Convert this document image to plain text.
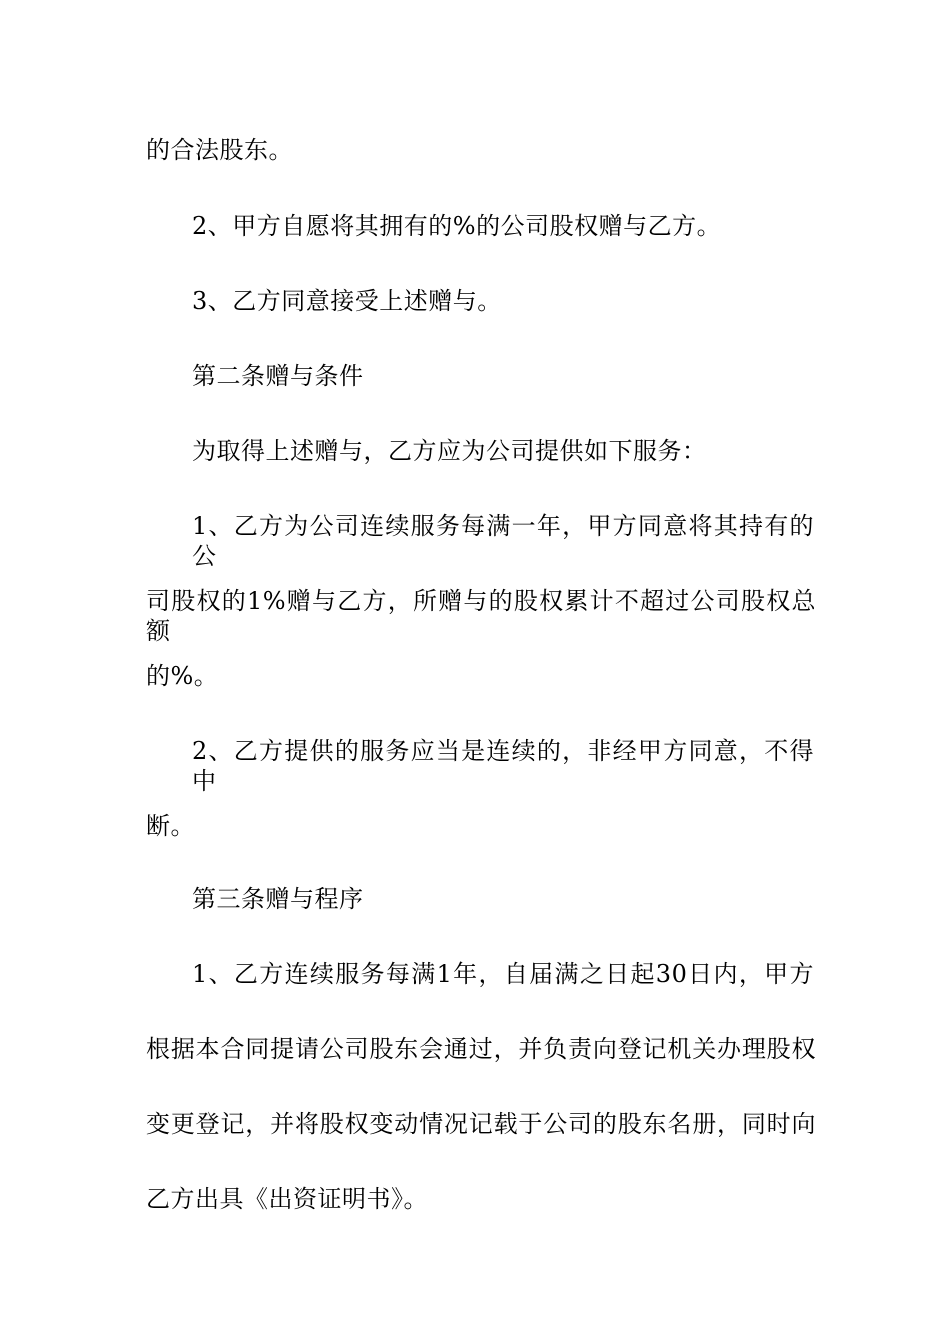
的合法股东。
2、甲方自愿将其拥有的%的公司股权赠与乙方。
3、乙方同意接受上述赠与。
第二条赠与条件
为取得上述赠与，乙方应为公司提供如下服务：
1、乙方为公司连续服务每满一年，甲方同意将其持有的公
司股权的1%赠与乙方，所赠与的股权累计不超过公司股权总额
的%。
2、乙方提供的服务应当是连续的，非经甲方同意，不得中
断。
第三条赠与程序
1、乙方连续服务每满1年，自届满之日起30日内，甲方
根据本合同提请公司股东会通过，并负责向登记机关办理股权
变更登记，并将股权变动情况记载于公司的股东名册，同时向
乙方出具《出资证明书》。
